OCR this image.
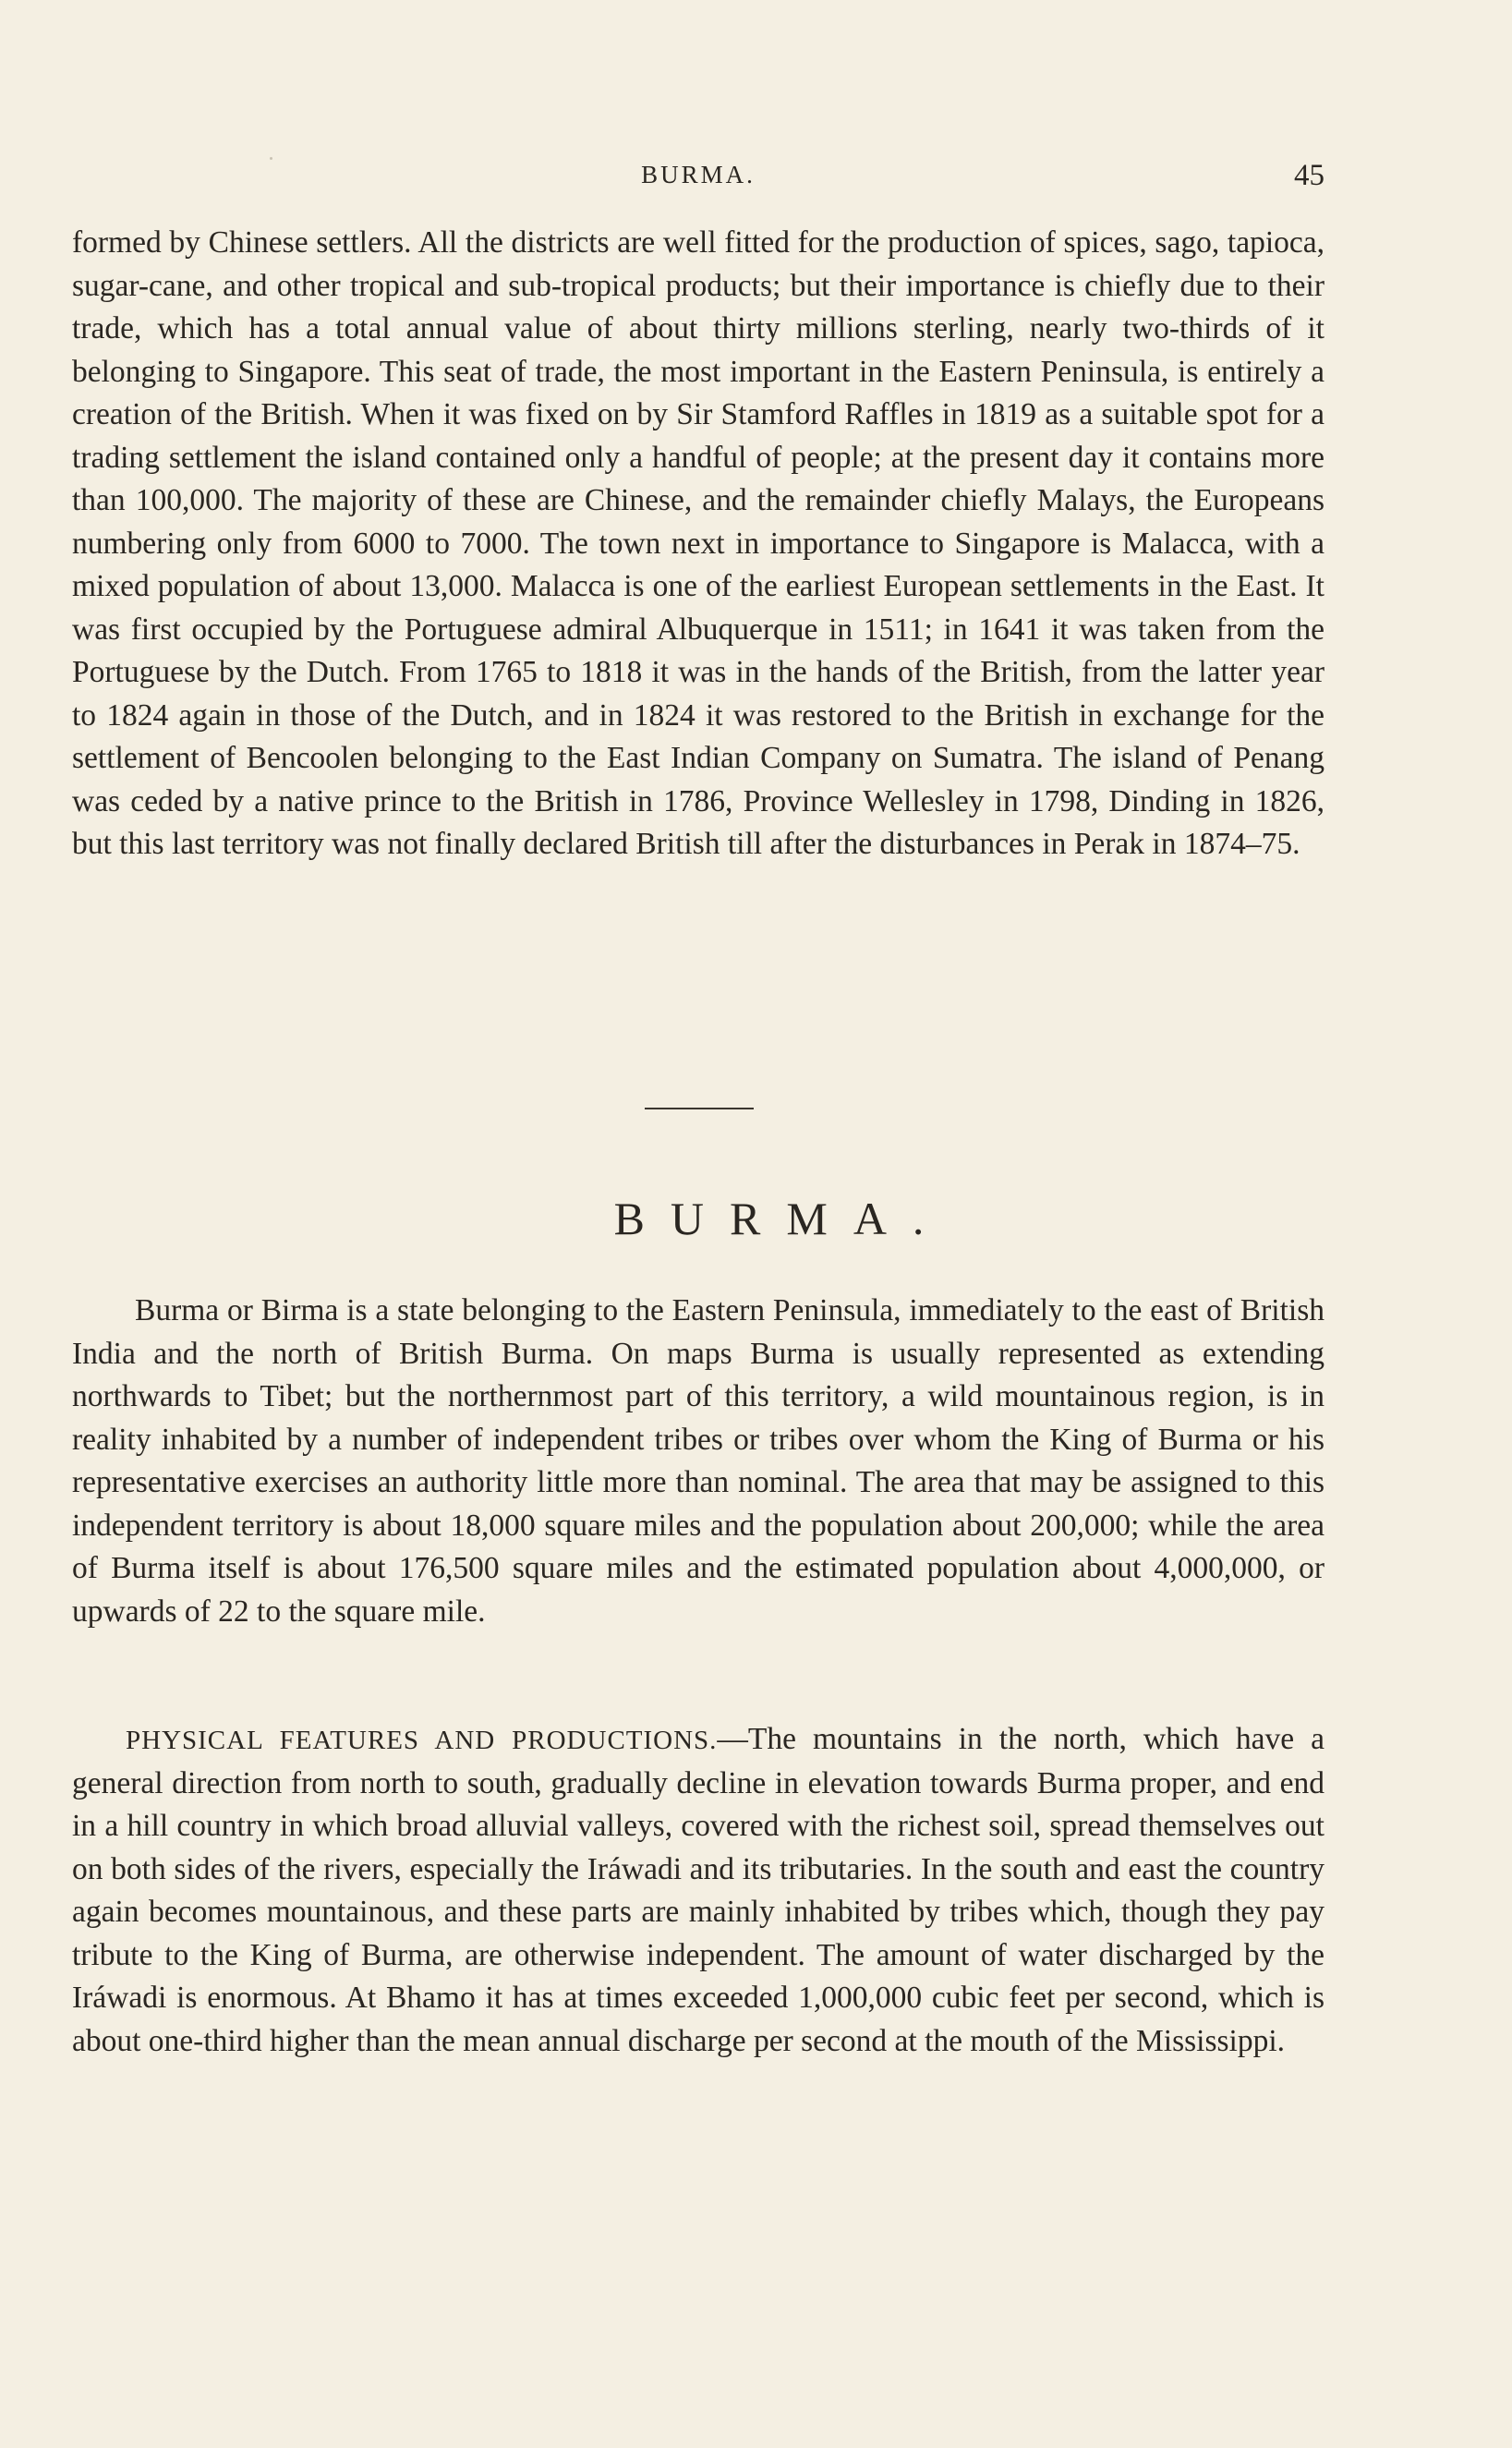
BURMA.	45

formed by Chinese settlers. All the districts are well fitted for the production of spices, sago, tapioca, sugar-cane, and other tropical and sub-tropical products; but their importance is chiefly due to their trade, which has a total annual value of about thirty millions sterling, nearly two-thirds of it belonging to Singapore. This seat of trade, the most important in the Eastern Peninsula, is entirely a creation of the British. When it was fixed on by Sir Stamford Raffles in 1819 as a suitable spot for a trading settlement the island contained only a handful of people; at the present day it contains more than 100,000. The majority of these are Chinese, and the remainder chiefly Malays, the Europeans numbering only from 6000 to 7000. The town next in importance to Singapore is Malacca, with a mixed population of about 13,000. Malacca is one of the earliest European settlements in the East. It was first occupied by the Portuguese admiral Albuquerque in 1511; in 1641 it was taken from the Portuguese by the Dutch. From 1765 to 1818 it was in the hands of the British, from the latter year to 1824 again in those of the Dutch, and in 1824 it was restored to the British in exchange for the settlement of Bencoolen belonging to the East Indian Company on Sumatra. The island of Penang was ceded by a native prince to the British in 1786, Province Wellesley in 1798, Dinding in 1826, but this last territory was not finally declared British till after the disturbances in Perak in 1874–75.

BURMA.

Burma or Birma is a state belonging to the Eastern Peninsula, immediately to the east of British India and the north of British Burma. On maps Burma is usually represented as extending northwards to Tibet; but the northernmost part of this territory, a wild mountainous region, is in reality inhabited by a number of independent tribes or tribes over whom the King of Burma or his representative exercises an authority little more than nominal. The area that may be assigned to this independent territory is about 18,000 square miles and the population about 200,000; while the area of Burma itself is about 176,500 square miles and the estimated population about 4,000,000, or upwards of 22 to the square mile.

PHYSICAL FEATURES AND PRODUCTIONS.—The mountains in the north, which have a general direction from north to south, gradually decline in elevation towards Burma proper, and end in a hill country in which broad alluvial valleys, covered with the richest soil, spread themselves out on both sides of the rivers, especially the Iráwadi and its tributaries. In the south and east the country again becomes mountainous, and these parts are mainly inhabited by tribes which, though they pay tribute to the King of Burma, are otherwise independent. The amount of water discharged by the Iráwadi is enormous. At Bhamo it has at times exceeded 1,000,000 cubic feet per second, which is about one-third higher than the mean annual discharge per second at the mouth of the Mississippi.
